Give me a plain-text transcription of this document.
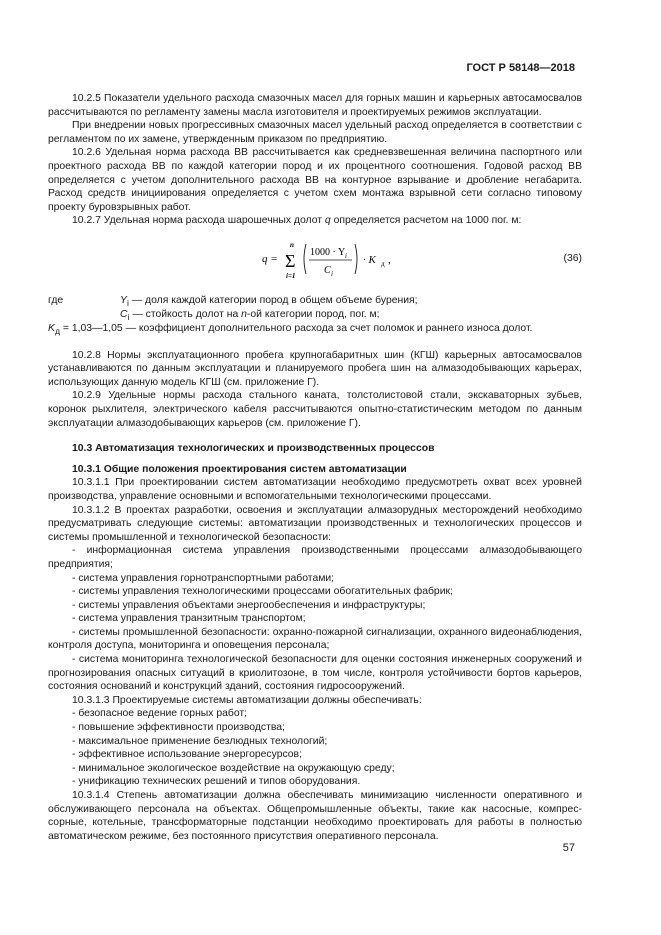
ГОСТ Р 58148—2018

10.2.5 Показатели удельного расхода смазочных масел для горных машин и карьерных автосамосвалов рассчитываются по регламенту замены масла изготовителя и проектируемых режимов эксплуатации.

При внедрении новых прогрессивных смазочных масел удельный расход определяется в соответствии с регламентом по их замене, утвержденным приказом по предприятию.

10.2.6 Удельная норма расхода ВВ рассчитывается как средневзвешенная величина паспортного или проектного расхода ВВ по каждой категории пород и их процентного соотношения. Годовой расход ВВ определяется с учетом дополнительного расхода ВВ на контурное взрывание и дробление негабарита. Расход средств инициирования определяется с учетом схем монтажа взрывной сети согласно типовому проекту буровзрывных работ.

10.2.7 Удельная норма расхода шарошечных долот q определяется расчетом на 1000 пог. м:

q =
n
Σ
i=1
1000 · Y i
C i
· K д ,	(36)
где	$Y_i$ — доля каждой категории пород в общем объеме бурения;
$C_i$ — стойкость долот на n-ой категории пород, пог. м;

$K_д$ = 1,03—1,05 — коэффициент дополнительного расхода за счет поломок и раннего износа долот.

10.2.8 Нормы эксплуатационного пробега крупногабаритных шин (КГШ) карьерных автосамосвалов устанавливаются по данным эксплуатации и планируемого пробега шин на алмазодобывающих карьерах, использующих данную модель КГШ (см. приложение Г).

10.2.9 Удельные нормы расхода стального каната, толстолистовой стали, экскаваторных зубьев, коронок рыхлителя, электрического кабеля рассчитываются опытно-статистическим методом по данным эксплуатации алмазодобывающих карьеров (см. приложение Г).

10.3 Автоматизация технологических и производственных процессов

10.3.1 Общие положения проектирования систем автоматизации

10.3.1.1 При проектировании систем автоматизации необходимо предусмотреть охват всех уровней производства, управление основными и вспомогательными технологическими процессами.

10.3.1.2 В проектах разработки, освоения и эксплуатации алмазорудных месторождений необходимо предусматривать следующие системы: автоматизации производственных и технологических процессов и системы промышленной и технологической безопасности:

- информационная система управления производственными процессами алмазодобывающего предприятия;

- система управления горнотранспортными работами;

- системы управления технологическими процессами обогатительных фабрик;

- системы управления объектами энергообеспечения и инфраструктуры;

- система управления транзитным транспортом;

- системы промышленной безопасности: охранно-пожарной сигнализации, охранного видеонаблюдения, контроля доступа, мониторинга и оповещения персонала;

- система мониторинга технологической безопасности для оценки состояния инженерных сооружений и прогнозирования опасных ситуаций в криолитозоне, в том числе, контроля устойчивости бортов карьеров, состояния оснований и конструкций зданий, состояния гидросооружений.

10.3.1.3 Проектируемые системы автоматизации должны обеспечивать:

- безопасное ведение горных работ;

- повышение эффективности производства;

- максимальное применение безлюдных технологий;

- эффективное использование энергоресурсов;

- минимальное экологическое воздействие на окружающую среду;

- унификацию технических решений и типов оборудования.

10.3.1.4 Степень автоматизации должна обеспечивать минимизацию численности оперативного и обслуживающего персонала на объектах. Общепромышленные объекты, такие как насосные, компрессорные, котельные, трансформаторные подстанции необходимо проектировать для работы в полностью автоматическом режиме, без постоянного присутствия оперативного персонала.

57
